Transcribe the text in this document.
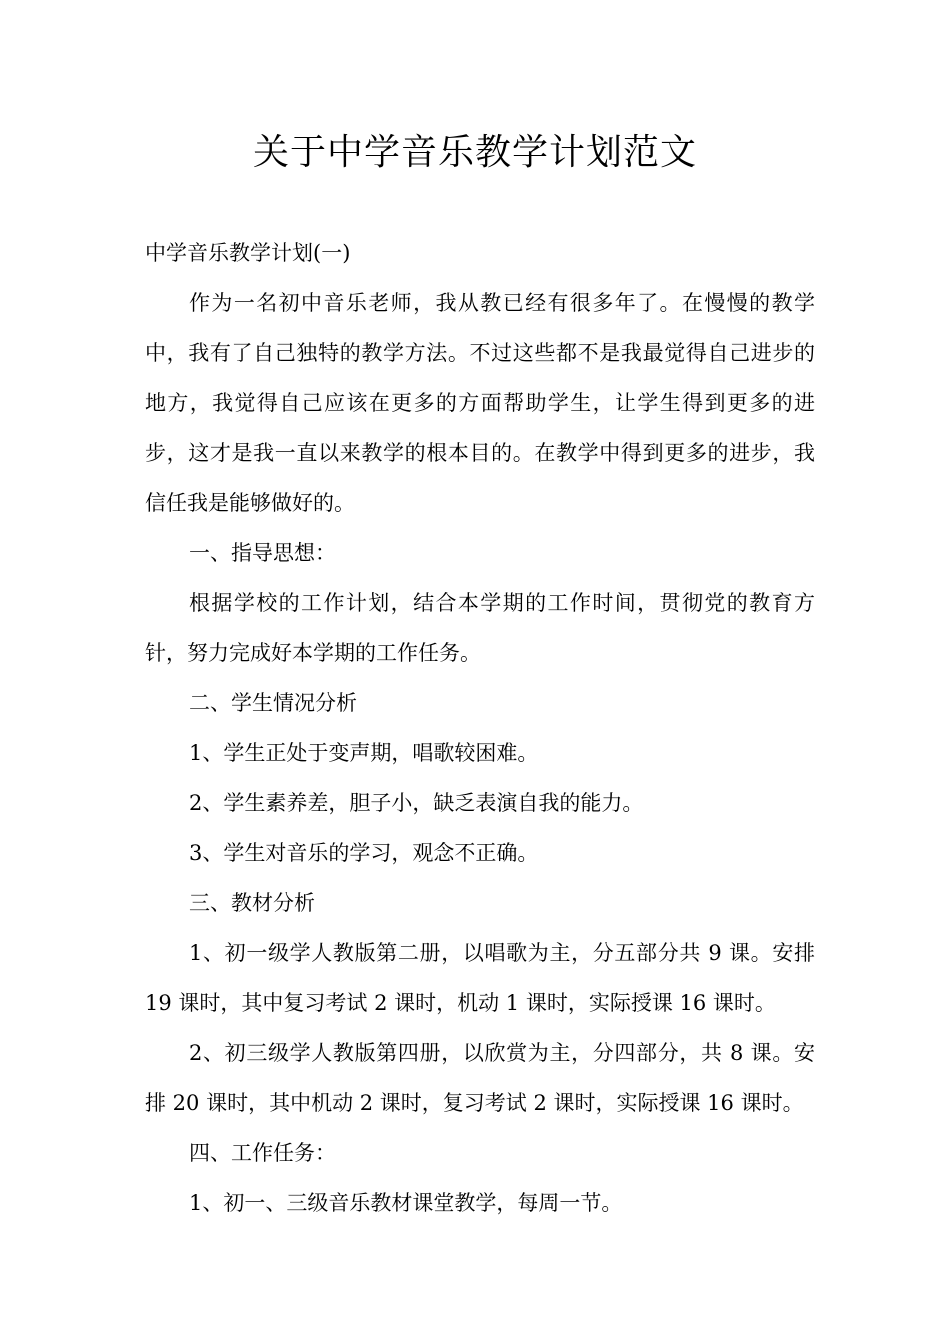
关于中学音乐教学计划范文

中学音乐教学计划(一)

作为一名初中音乐老师，我从教已经有很多年了。在慢慢的教学中，我有了自己独特的教学方法。不过这些都不是我最觉得自己进步的地方，我觉得自己应该在更多的方面帮助学生，让学生得到更多的进步，这才是我一直以来教学的根本目的。在教学中得到更多的进步，我信任我是能够做好的。

一、指导思想：

根据学校的工作计划，结合本学期的工作时间，贯彻党的教育方针，努力完成好本学期的工作任务。

二、学生情况分析

1、学生正处于变声期，唱歌较困难。

2、学生素养差，胆子小，缺乏表演自我的能力。

3、学生对音乐的学习，观念不正确。

三、教材分析

1、初一级学人教版第二册，以唱歌为主，分五部分共 9 课。安排 19 课时，其中复习考试 2 课时，机动 1 课时，实际授课 16 课时。

2、初三级学人教版第四册，以欣赏为主，分四部分，共 8 课。安排 20 课时，其中机动 2 课时，复习考试 2 课时，实际授课 16 课时。

四、工作任务：

1、初一、三级音乐教材课堂教学，每周一节。
